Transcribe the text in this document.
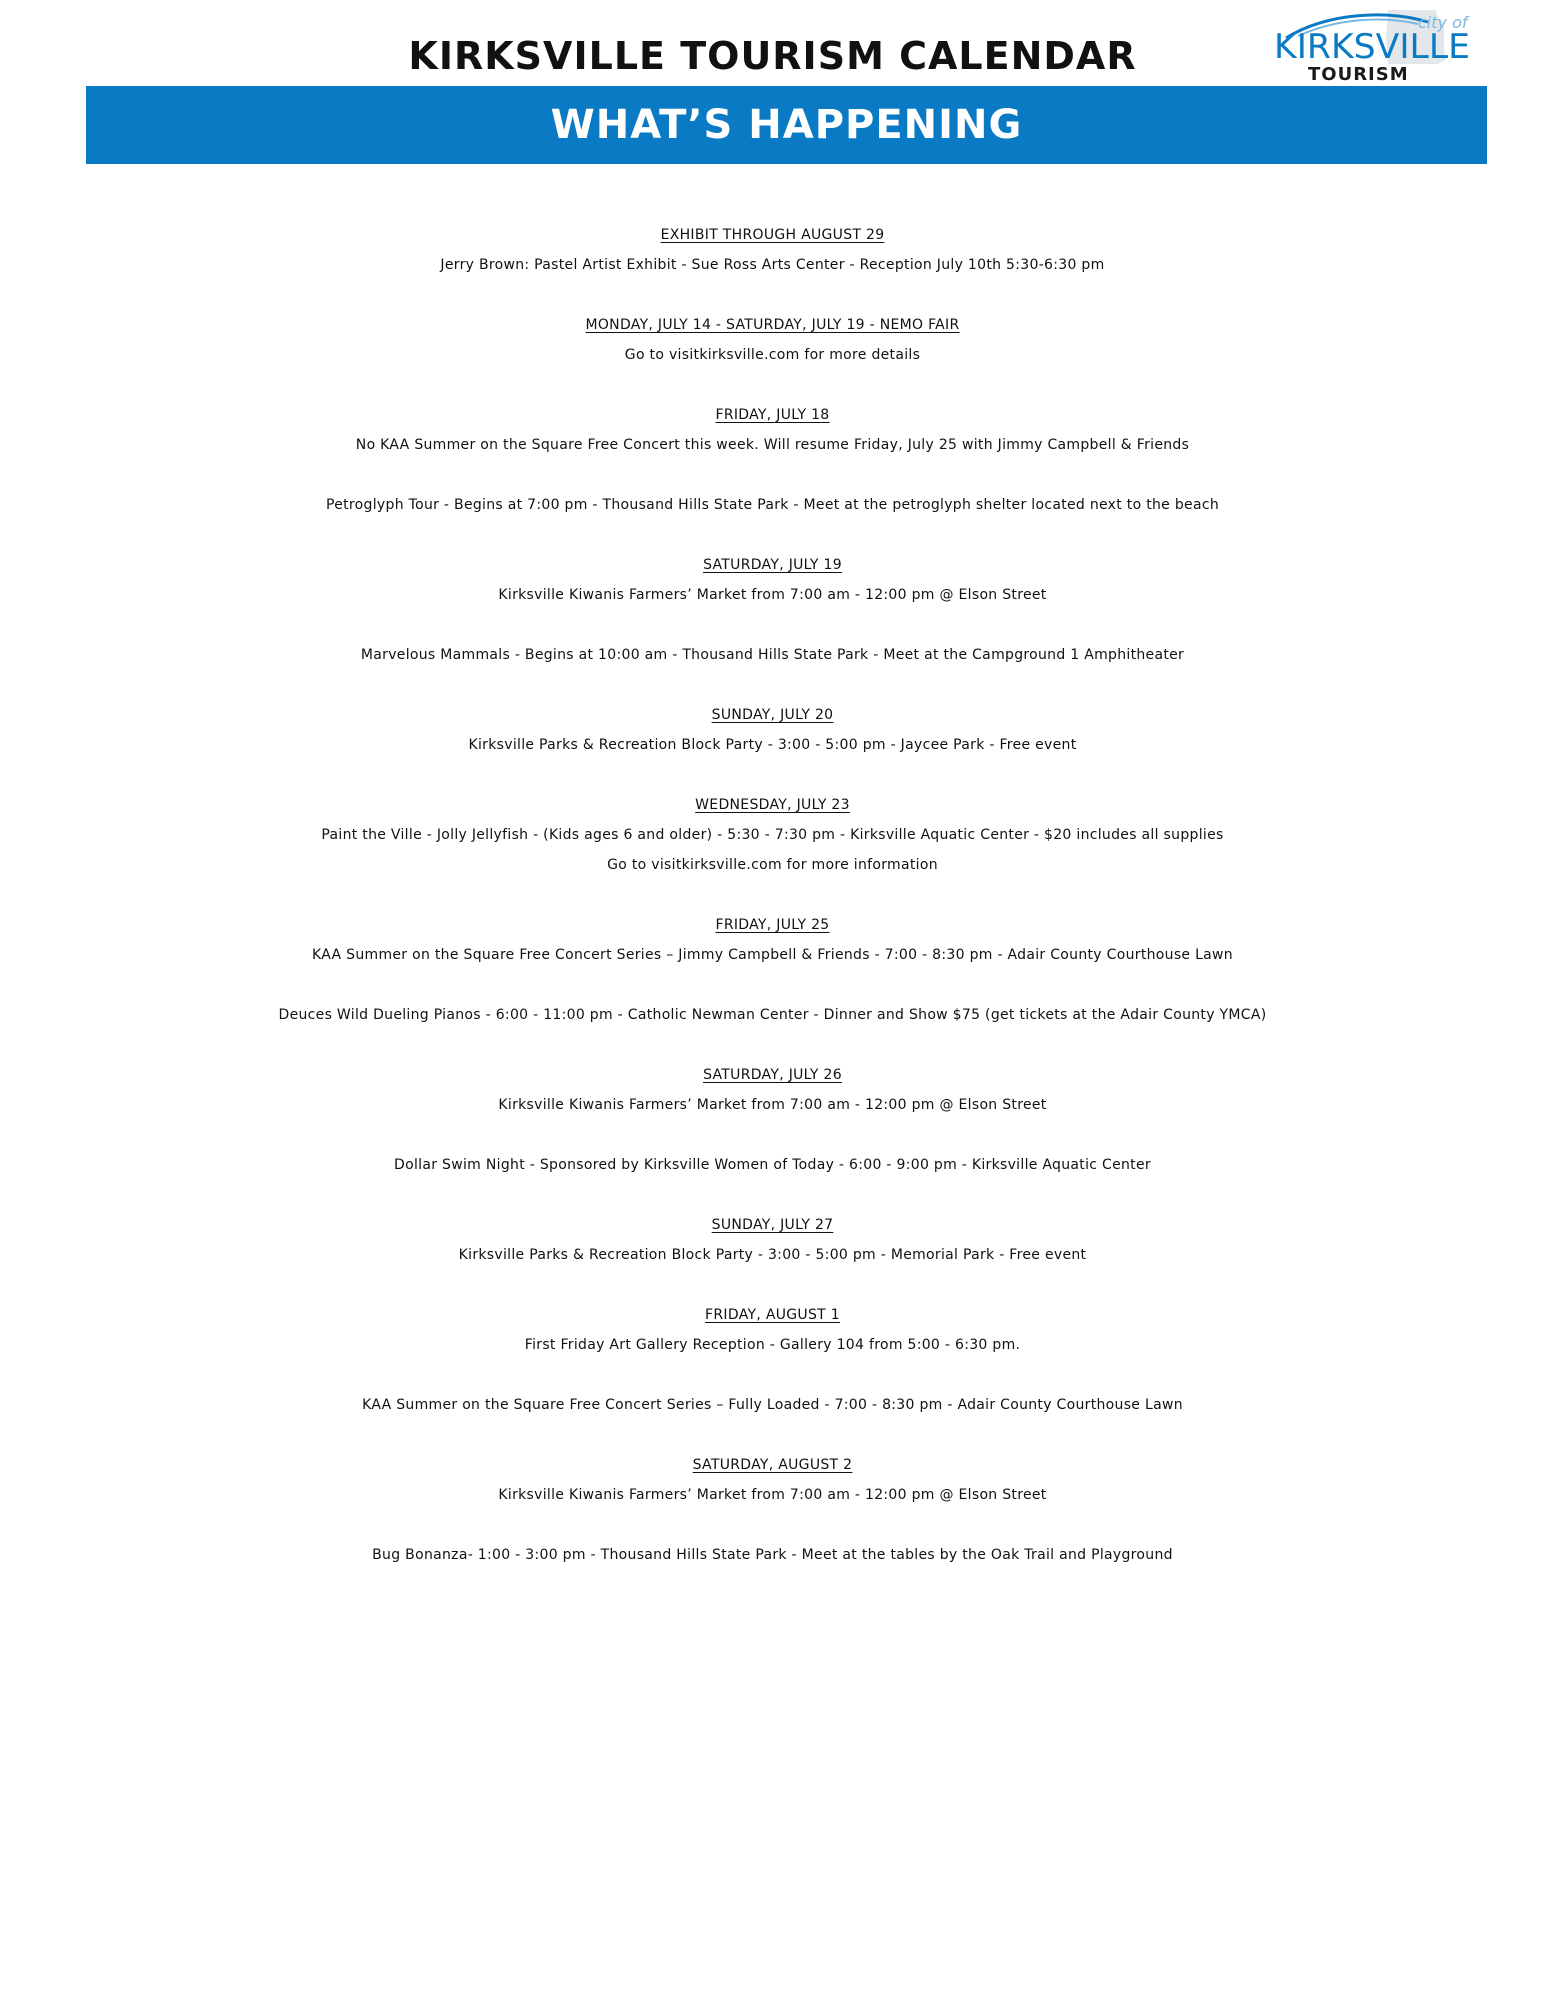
KIRKSVILLE TOURISM CALENDAR
city of
KIRKSVILLE
TOURISM
WHAT’S HAPPENING
EXHIBIT THROUGH AUGUST 29
Jerry Brown: Pastel Artist Exhibit - Sue Ross Arts Center - Reception July 10th 5:30-6:30 pm
MONDAY, JULY 14 - SATURDAY, JULY 19 - NEMO FAIR
Go to visitkirksville.com for more details
FRIDAY, JULY 18
No KAA Summer on the Square Free Concert this week. Will resume Friday, July 25 with Jimmy Campbell & Friends
Petroglyph Tour - Begins at 7:00 pm - Thousand Hills State Park - Meet at the petroglyph shelter located next to the beach
SATURDAY, JULY 19
Kirksville Kiwanis Farmers’ Market from 7:00 am - 12:00 pm @ Elson Street
Marvelous Mammals - Begins at 10:00 am - Thousand Hills State Park - Meet at the Campground 1 Amphitheater
SUNDAY, JULY 20
Kirksville Parks & Recreation Block Party - 3:00 - 5:00 pm - Jaycee Park - Free event
WEDNESDAY, JULY 23
Paint the Ville - Jolly Jellyfish - (Kids ages 6 and older) - 5:30 - 7:30 pm - Kirksville Aquatic Center - $20 includes all supplies
Go to visitkirksville.com for more information
FRIDAY, JULY 25
KAA Summer on the Square Free Concert Series – Jimmy Campbell & Friends - 7:00 - 8:30 pm - Adair County Courthouse Lawn
Deuces Wild Dueling Pianos - 6:00 - 11:00 pm - Catholic Newman Center - Dinner and Show $75 (get tickets at the Adair County YMCA)
SATURDAY, JULY 26
Kirksville Kiwanis Farmers’ Market from 7:00 am - 12:00 pm @ Elson Street
Dollar Swim Night - Sponsored by Kirksville Women of Today - 6:00 - 9:00 pm - Kirksville Aquatic Center
SUNDAY, JULY 27
Kirksville Parks & Recreation Block Party - 3:00 - 5:00 pm - Memorial Park - Free event
FRIDAY, AUGUST 1
First Friday Art Gallery Reception - Gallery 104 from 5:00 - 6:30 pm.
KAA Summer on the Square Free Concert Series – Fully Loaded - 7:00 - 8:30 pm - Adair County Courthouse Lawn
SATURDAY, AUGUST 2
Kirksville Kiwanis Farmers’ Market from 7:00 am - 12:00 pm @ Elson Street
Bug Bonanza- 1:00 - 3:00 pm - Thousand Hills State Park - Meet at the tables by the Oak Trail and Playground
